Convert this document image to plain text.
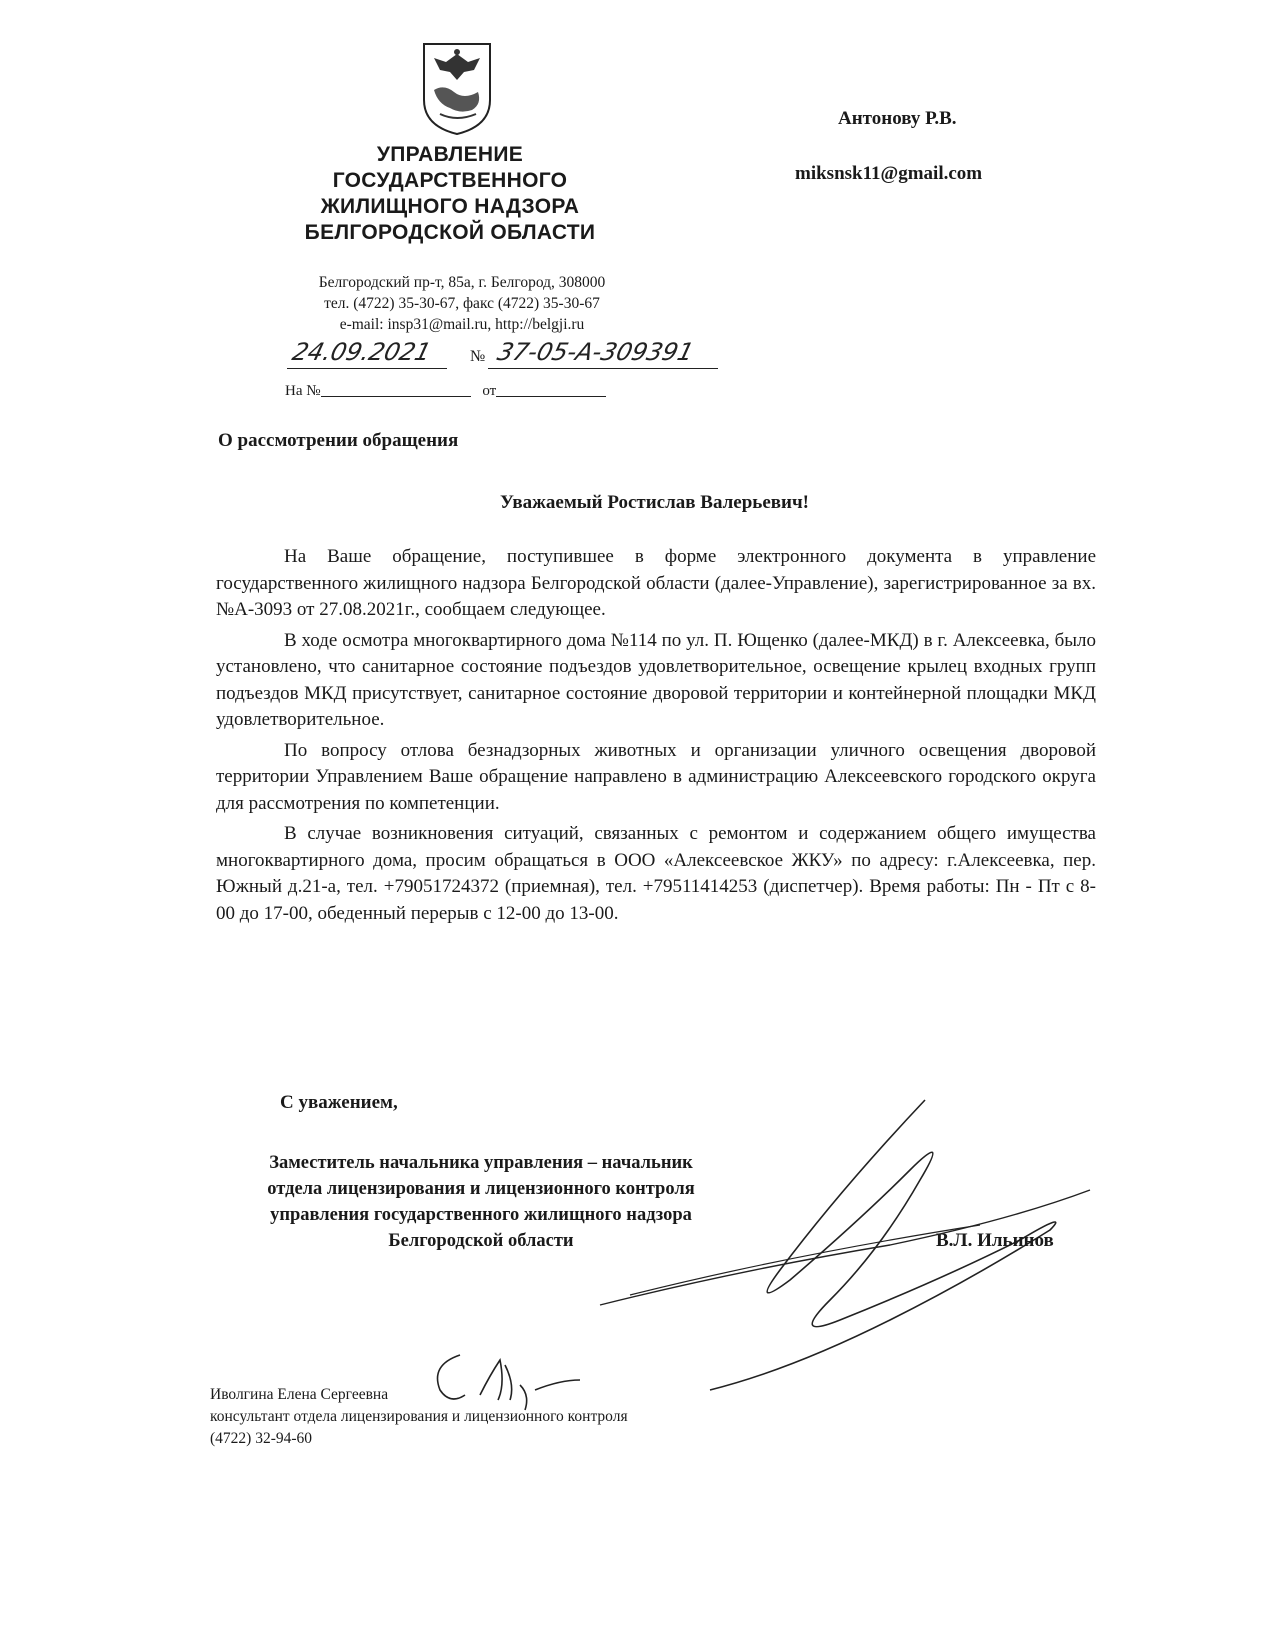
УПРАВЛЕНИЕ
ГОСУДАРСТВЕННОГО
ЖИЛИЩНОГО НАДЗОРА
БЕЛГОРОДСКОЙ ОБЛАСТИ
Белгородский пр-т, 85а, г. Белгород, 308000
тел. (4722) 35-30-67, факс (4722) 35-30-67
e-mail: insp31@mail.ru, http://belgji.ru
24.09.2021 № 37-05-А-309391
На №	от
Антонову Р.В.
miksnsk11@gmail.com
О рассмотрении обращения
Уважаемый Ростислав Валерьевич!

На Ваше обращение, поступившее в форме электронного документа в управление государственного жилищного надзора Белгородской области (далее-Управление), зарегистрированное за вх. №А-3093 от 27.08.2021г., сообщаем следующее.

В ходе осмотра многоквартирного дома №114 по ул. П. Ющенко (далее-МКД) в г. Алексеевка, было установлено, что санитарное состояние подъездов удовлетворительное, освещение крылец входных групп подъездов МКД присутствует, санитарное состояние дворовой территории и контейнерной площадки МКД удовлетворительное.

По вопросу отлова безнадзорных животных и организации уличного освещения дворовой территории Управлением Ваше обращение направлено в администрацию Алексеевского городского округа для рассмотрения по компетенции.

В случае возникновения ситуаций, связанных с ремонтом и содержанием общего имущества многоквартирного дома, просим обращаться в ООО «Алексеевское ЖКУ» по адресу: г.Алексеевка, пер. Южный д.21-а, тел. +79051724372 (приемная), тел. +79511414253 (диспетчер). Время работы: Пн - Пт с 8-00 до 17-00, обеденный перерыв с 12-00 до 13-00.

С уважением,
Заместитель начальника управления – начальник
отдела лицензирования и лицензионного контроля
управления государственного жилищного надзора
Белгородской области	В.Л. Ильинов
Иволгина Елена Сергеевна
консультант отдела лицензирования и лицензионного контроля
(4722) 32-94-60
